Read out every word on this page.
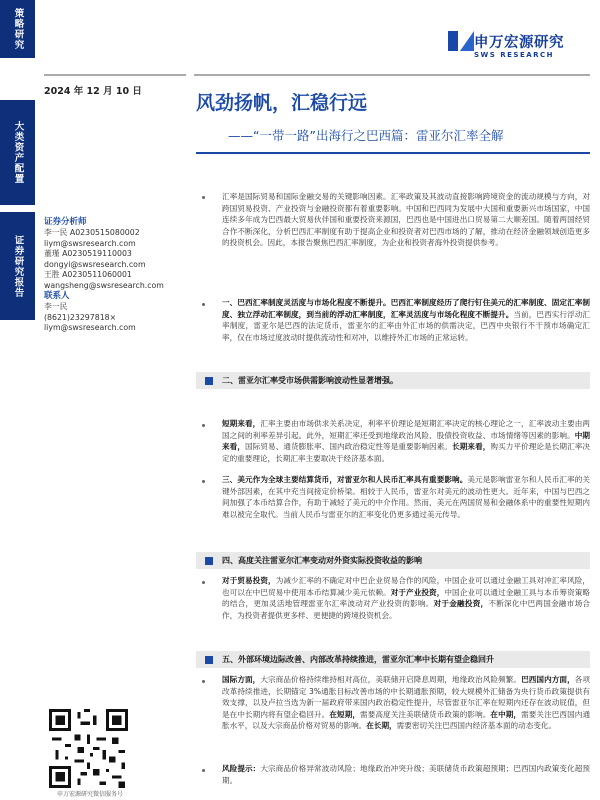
策略研究
大类资产配置
证券研究报告
申万宏源研究
SWS RESEARCH
2024 年 12 月 10 日
风劲扬帆，汇稳行远
——“一带一路”出海行之巴西篇：雷亚尔汇率全解
证券分析师
李一民 A0230515080002
liym@swsresearch.com
董瑾 A0230519110003
dongyi@swsresearch.com
王胜 A0230511060001
wangsheng@swsresearch.com
联系人
李一民
(8621)23297818×
liym@swsresearch.com
汇率是国际贸易和国际金融交易的关键影响因素。汇率政策及其波动直接影响跨境资金的流动规模与方向，对跨国贸易投资、产业投资与金融投资都有着重要影响。中国和巴西同为发展中大国和重要新兴市场国家，中国连续多年成为巴西最大贸易伙伴国和重要投资来源国，巴西也是中国进出口贸易第二大顺差国。随着两国经贸合作不断深化，分析巴西汇率制度有助于提高企业和投资者对巴西市场的了解，推动在经济金融领域创造更多的投资机会。因此，本报告聚焦巴西汇率制度，为企业和投资者海外投资提供参考。
一、巴西汇率制度灵活度与市场化程度不断提升。巴西汇率制度经历了爬行钉住美元的汇率制度、固定汇率制度、独立浮动汇率制度，到当前的浮动汇率制度，汇率灵活度与市场化程度不断提升。当前，巴西实行浮动汇率制度，雷亚尔是巴西的法定货币，雷亚尔的汇率由外汇市场的供需决定，巴西中央银行不干预市场确定汇率，仅在市场过度波动时提供流动性和对冲，以维持外汇市场的正常运转。
二、雷亚尔汇率受市场供需影响波动性显著增强。
短期来看，汇率主要由市场供求关系决定，利率平价理论是短期汇率决定的核心理论之一，汇率波动主要由两国之间的利率差异引起。此外，短期汇率还受到地缘政治风险、股债投资收益、市场情绪等因素的影响。中期来看，国际贸易、通货膨胀率、国内政治稳定性等是重要影响因素。长期来看，购买力平价理论是长期汇率决定的重要理论，长期汇率主要取决于经济基本面。
三、美元作为全球主要结算货币，对雷亚尔和人民币汇率具有重要影响。美元是影响雷亚尔和人民币汇率的关键外部因素，在其中充当间接定价桥梁。相较于人民币，雷亚尔对美元的波动性更大。近年来，中国与巴西之间加强了本币结算合作，有助于减轻了美元的中介作用。然而，美元在两国贸易和金融体系中的重要性短期内难以被完全取代。当前人民币与雷亚尔的汇率变化仍更多通过美元传导。
四、高度关注雷亚尔汇率变动对外资实际投资收益的影响
对于贸易投资，为减少汇率的不确定对中巴企业贸易合作的风险，中国企业可以通过金融工具对冲汇率风险，也可以在中巴贸易中使用本币结算减少美元依赖。对于产业投资，中国企业可以通过金融工具与本币筹资策略的结合，更加灵活地管理雷亚尔汇率波动对产业投资的影响。对于金融投资，不断深化中巴两国金融市场合作，为投资者提供更多样、更便捷的跨境投资机会。
五、外部环境边际改善、内部改革持续推进，雷亚尔汇率中长期有望企稳回升
国际方面，大宗商品价格持续维持相对高位，美联储开启降息周期，地缘政治风险频繁。巴西国内方面，各项改革持续推进，长期锚定 3%通胀目标改善市场的中长期通胀预期，较大规模外汇储备为央行货币政策提供有效支撑，以及卢拉当选为新一届政府带来国内政治稳定性提升，尽管雷亚尔汇率在短期内还存在波动屁值，但是在中长期内将有望企稳回升。在短期，需要高度关注美联储货币政策的影响。在中期，需要关注巴西国内通胀水平，以及大宗商品价格对贸易的影响。在长期，需要密切关注巴西国内经济基本面的动态变化。
风险提示：大宗商品价格异常波动风险；地缘政治冲突升级；美联储货币政策超预期；巴西国内政策变化超预期。
申万宏源研究微信服务号
